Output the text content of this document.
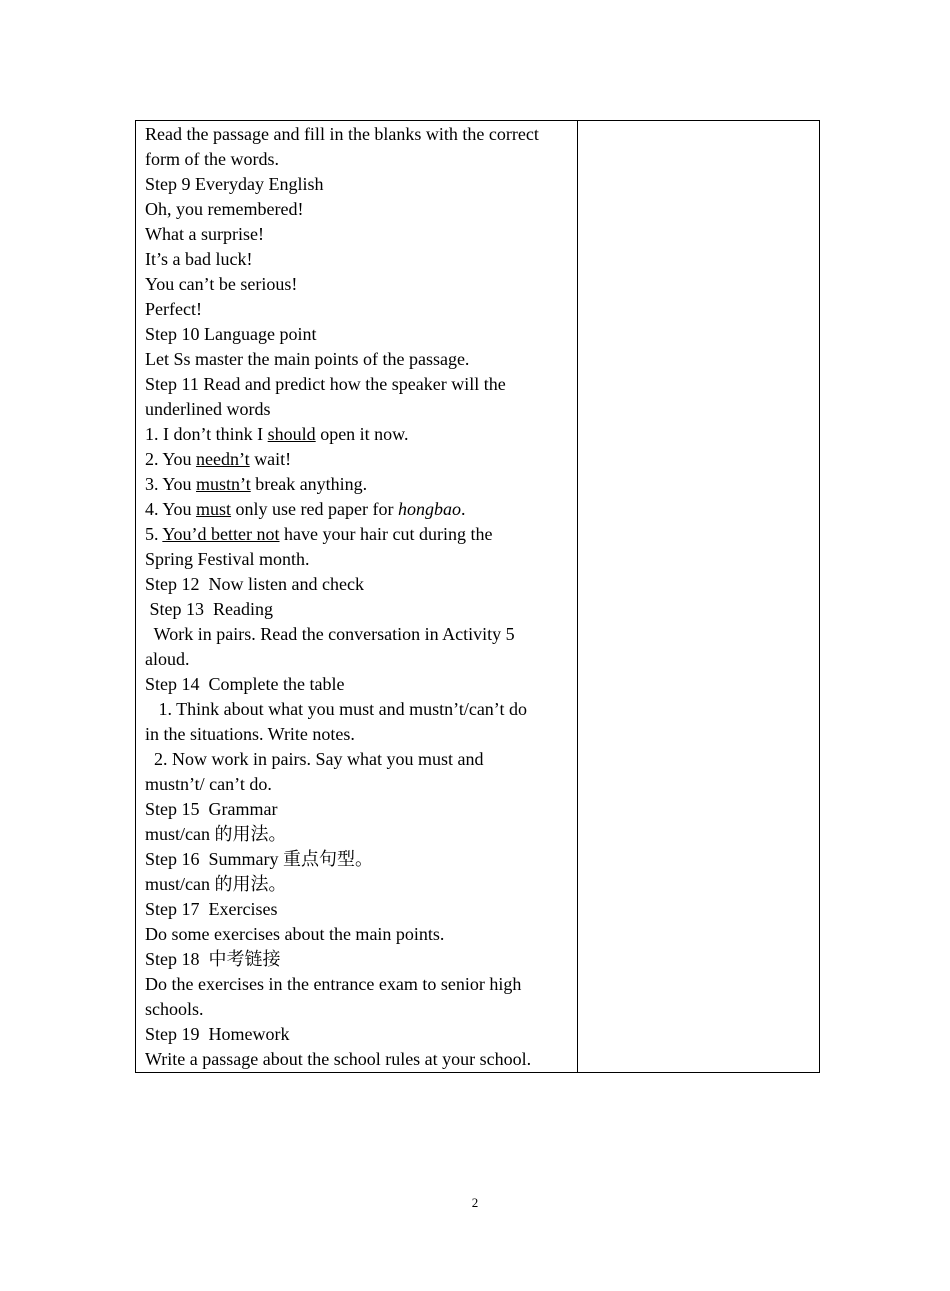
Read the passage and fill in the blanks with the correct
form of the words.
Step 9 Everyday English
Oh, you remembered!
What a surprise!
It’s a bad luck!
You can’t be serious!
Perfect!
Step 10 Language point
Let Ss master the main points of the passage.
Step 11 Read and predict how the speaker will the
underlined words
1. I don’t think I should open it now.
2. You needn’t wait!
3. You mustn’t break anything.
4. You must only use red paper for hongbao.
5. You’d better not have your hair cut during the
Spring Festival month.
Step 12  Now listen and check
Step 13  Reading
Work in pairs. Read the conversation in Activity 5
aloud.
Step 14  Complete the table
1. Think about what you must and mustn’t/can’t do
in the situations. Write notes.
2. Now work in pairs. Say what you must and
mustn’t/ can’t do.
Step 15  Grammar
must/can 的用法。
Step 16  Summary 重点句型。
must/can 的用法。
Step 17  Exercises
Do some exercises about the main points.
Step 18  中考链接
Do the exercises in the entrance exam to senior high
schools.
Step 19  Homework
Write a passage about the school rules at your school.

2
